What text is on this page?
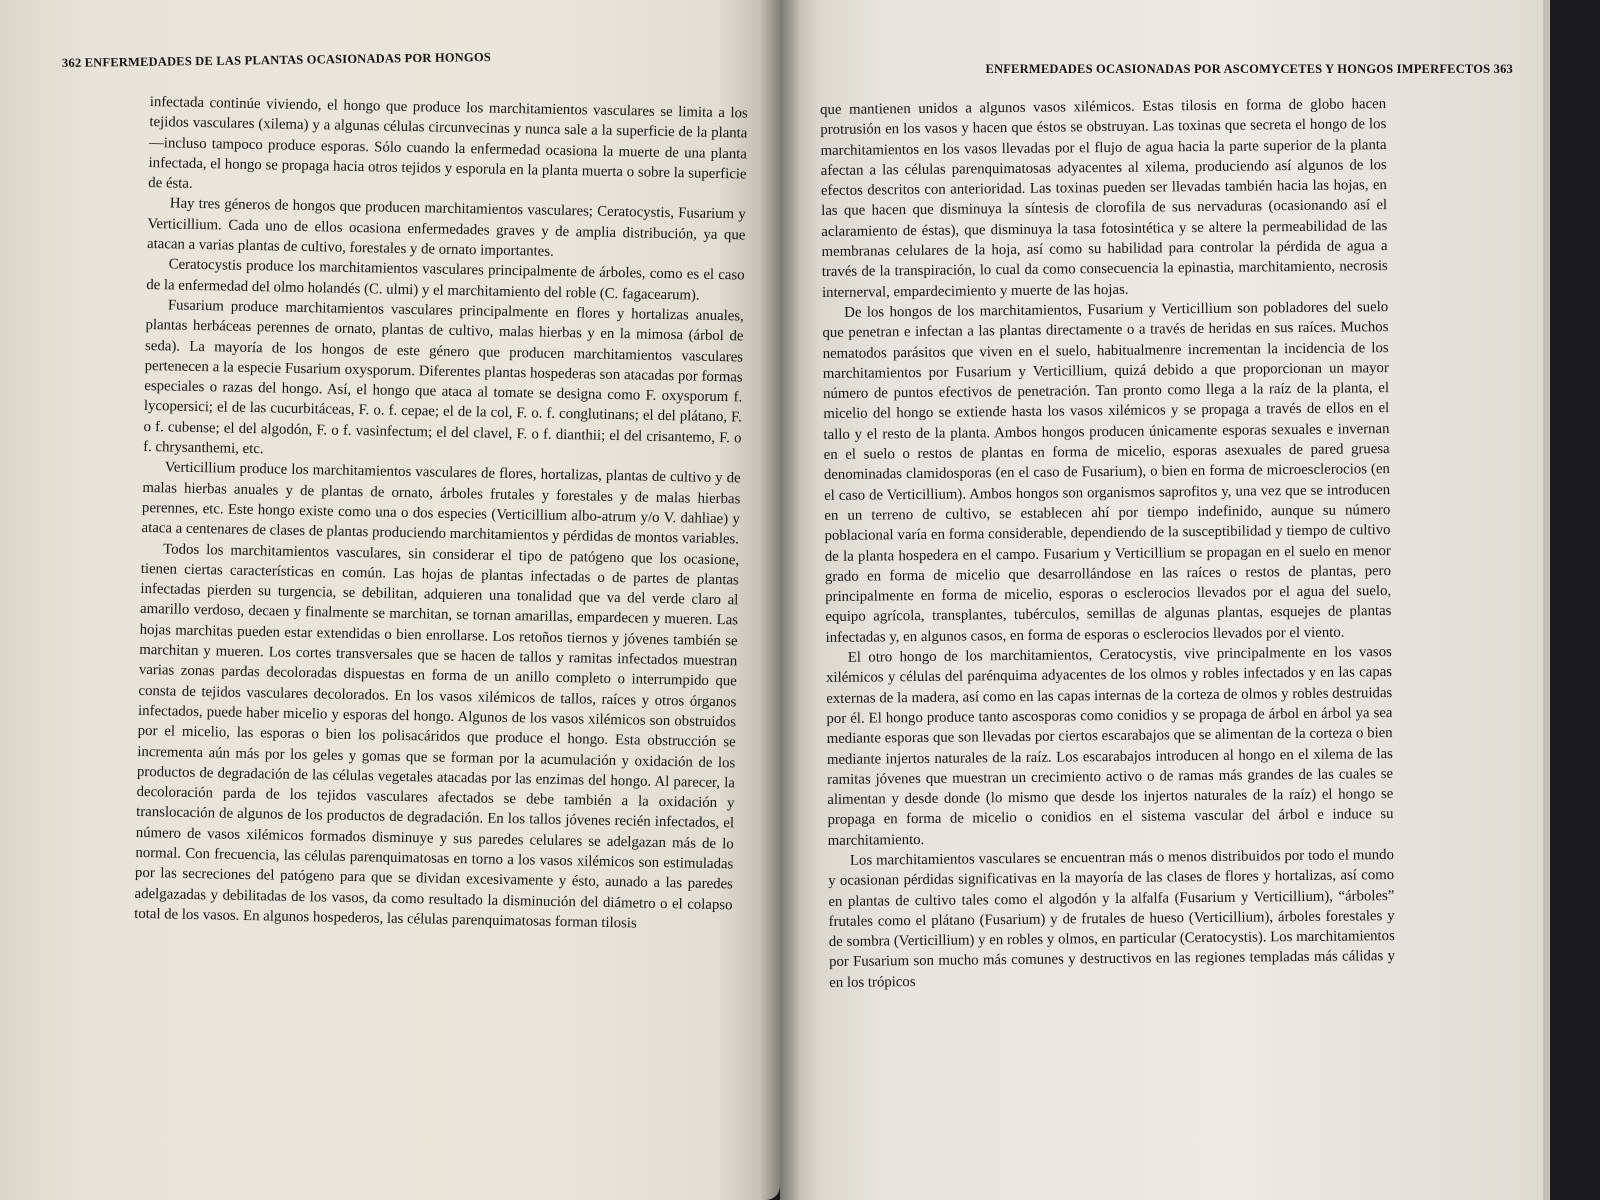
362 ENFERMEDADES DE LAS PLANTAS OCASIONADAS POR HONGOS

infectada continúe viviendo, el hongo que produce los marchitamientos vasculares se limita a los tejidos vasculares (xilema) y a algunas células circunvecinas y nunca sale a la superficie de la planta —incluso tampoco produce esporas. Sólo cuando la enfermedad ocasiona la muerte de una planta infectada, el hongo se propaga hacia otros tejidos y esporula en la planta muerta o sobre la superficie de ésta.

Hay tres géneros de hongos que producen marchitamientos vasculares; Ceratocystis, Fusarium y Verticillium. Cada uno de ellos ocasiona enfermedades graves y de amplia distribución, ya que atacan a varias plantas de cultivo, forestales y de ornato importantes.

Ceratocystis produce los marchitamientos vasculares principalmente de árboles, como es el caso de la enfermedad del olmo holandés (C. ulmi) y el marchitamiento del roble (C. fagacearum).

Fusarium produce marchitamientos vasculares principalmente en flores y hortalizas anuales, plantas herbáceas perennes de ornato, plantas de cultivo, malas hierbas y en la mimosa (árbol de seda). La mayoría de los hongos de este género que producen marchitamientos vasculares pertenecen a la especie Fusarium oxysporum. Diferentes plantas hospederas son atacadas por formas especiales o razas del hongo. Así, el hongo que ataca al tomate se designa como F. oxysporum f. lycopersici; el de las cucurbitáceas, F. o. f. cepae; el de la col, F. o. f. conglutinans; el del plátano, F. o f. cubense; el del algodón, F. o f. vasinfectum; el del clavel, F. o f. dianthii; el del crisantemo, F. o f. chrysanthemi, etc.

Verticillium produce los marchitamientos vasculares de flores, hortalizas, plantas de cultivo y de malas hierbas anuales y de plantas de ornato, árboles frutales y forestales y de malas hierbas perennes, etc. Este hongo existe como una o dos especies (Verticillium albo-atrum y/o V. dahliae) y ataca a centenares de clases de plantas produciendo marchitamientos y pérdidas de montos variables.

Todos los marchitamientos vasculares, sin considerar el tipo de patógeno que los ocasione, tienen ciertas características en común. Las hojas de plantas infectadas o de partes de plantas infectadas pierden su turgencia, se debilitan, adquieren una tonalidad que va del verde claro al amarillo verdoso, decaen y finalmente se marchitan, se tornan amarillas, empardecen y mueren. Las hojas marchitas pueden estar extendidas o bien enrollarse. Los retoños tiernos y jóvenes también se marchitan y mueren. Los cortes transversales que se hacen de tallos y ramitas infectados muestran varias zonas pardas decoloradas dispuestas en forma de un anillo completo o interrumpido que consta de tejidos vasculares decolorados. En los vasos xilémicos de tallos, raíces y otros órganos infectados, puede haber micelio y esporas del hongo. Algunos de los vasos xilémicos son obstruidos por el micelio, las esporas o bien los polisacáridos que produce el hongo. Esta obstrucción se incrementa aún más por los geles y gomas que se forman por la acumulación y oxidación de los productos de degradación de las células vegetales atacadas por las enzimas del hongo. Al parecer, la decoloración parda de los tejidos vasculares afectados se debe también a la oxidación y translocación de algunos de los productos de degradación. En los tallos jóvenes recién infectados, el número de vasos xilémicos formados disminuye y sus paredes celulares se adelgazan más de lo normal. Con frecuencia, las células parenquimatosas en torno a los vasos xilémicos son estimuladas por las secreciones del patógeno para que se dividan excesivamente y ésto, aunado a las paredes adelgazadas y debilitadas de los vasos, da como resultado la disminución del diámetro o el colapso total de los vasos. En algunos hospederos, las células parenquimatosas forman tilosis

ENFERMEDADES OCASIONADAS POR ASCOMYCETES Y HONGOS IMPERFECTOS 363

que mantienen unidos a algunos vasos xilémicos. Estas tilosis en forma de globo hacen protrusión en los vasos y hacen que éstos se obstruyan. Las toxinas que secreta el hongo de los marchitamientos en los vasos llevadas por el flujo de agua hacia la parte superior de la planta afectan a las células parenquimatosas adyacentes al xilema, produciendo así algunos de los efectos descritos con anterioridad. Las toxinas pueden ser llevadas también hacia las hojas, en las que hacen que disminuya la síntesis de clorofila de sus nervaduras (ocasionando así el aclaramiento de éstas), que disminuya la tasa fotosintética y se altere la permeabilidad de las membranas celulares de la hoja, así como su habilidad para controlar la pérdida de agua a través de la transpiración, lo cual da como consecuencia la epinastia, marchitamiento, necrosis internerval, empardecimiento y muerte de las hojas.

De los hongos de los marchitamientos, Fusarium y Verticillium son pobladores del suelo que penetran e infectan a las plantas directamente o a través de heridas en sus raíces. Muchos nematodos parásitos que viven en el suelo, habitualmenre incrementan la incidencia de los marchitamientos por Fusarium y Verticillium, quizá debido a que proporcionan un mayor número de puntos efectivos de penetración. Tan pronto como llega a la raíz de la planta, el micelio del hongo se extiende hasta los vasos xilémicos y se propaga a través de ellos en el tallo y el resto de la planta. Ambos hongos producen únicamente esporas sexuales e invernan en el suelo o restos de plantas en forma de micelio, esporas asexuales de pared gruesa denominadas clamidosporas (en el caso de Fusarium), o bien en forma de microesclerocios (en el caso de Verticillium). Ambos hongos son organismos saprofitos y, una vez que se introducen en un terreno de cultivo, se establecen ahí por tiempo indefinido, aunque su número poblacional varía en forma considerable, dependiendo de la susceptibilidad y tiempo de cultivo de la planta hospedera en el campo. Fusarium y Verticillium se propagan en el suelo en menor grado en forma de micelio que desarrollándose en las raíces o restos de plantas, pero principalmente en forma de micelio, esporas o esclerocios llevados por el agua del suelo, equipo agrícola, transplantes, tubérculos, semillas de algunas plantas, esquejes de plantas infectadas y, en algunos casos, en forma de esporas o esclerocios llevados por el viento.

El otro hongo de los marchitamientos, Ceratocystis, vive principalmente en los vasos xilémicos y células del parénquima adyacentes de los olmos y robles infectados y en las capas externas de la madera, así como en las capas internas de la corteza de olmos y robles destruidas por él. El hongo produce tanto ascosporas como conidios y se propaga de árbol en árbol ya sea mediante esporas que son llevadas por ciertos escarabajos que se alimentan de la corteza o bien mediante injertos naturales de la raíz. Los escarabajos introducen al hongo en el xilema de las ramitas jóvenes que muestran un crecimiento activo o de ramas más grandes de las cuales se alimentan y desde donde (lo mismo que desde los injertos naturales de la raíz) el hongo se propaga en forma de micelio o conidios en el sistema vascular del árbol e induce su marchitamiento.

Los marchitamientos vasculares se encuentran más o menos distribuidos por todo el mundo y ocasionan pérdidas significativas en la mayoría de las clases de flores y hortalizas, así como en plantas de cultivo tales como el algodón y la alfalfa (Fusarium y Verticillium), “árboles” frutales como el plátano (Fusarium) y de frutales de hueso (Verticillium), árboles forestales y de sombra (Verticillium) y en robles y olmos, en particular (Ceratocystis). Los marchitamientos por Fusarium son mucho más comunes y destructivos en las regiones templadas más cálidas y en los trópicos
